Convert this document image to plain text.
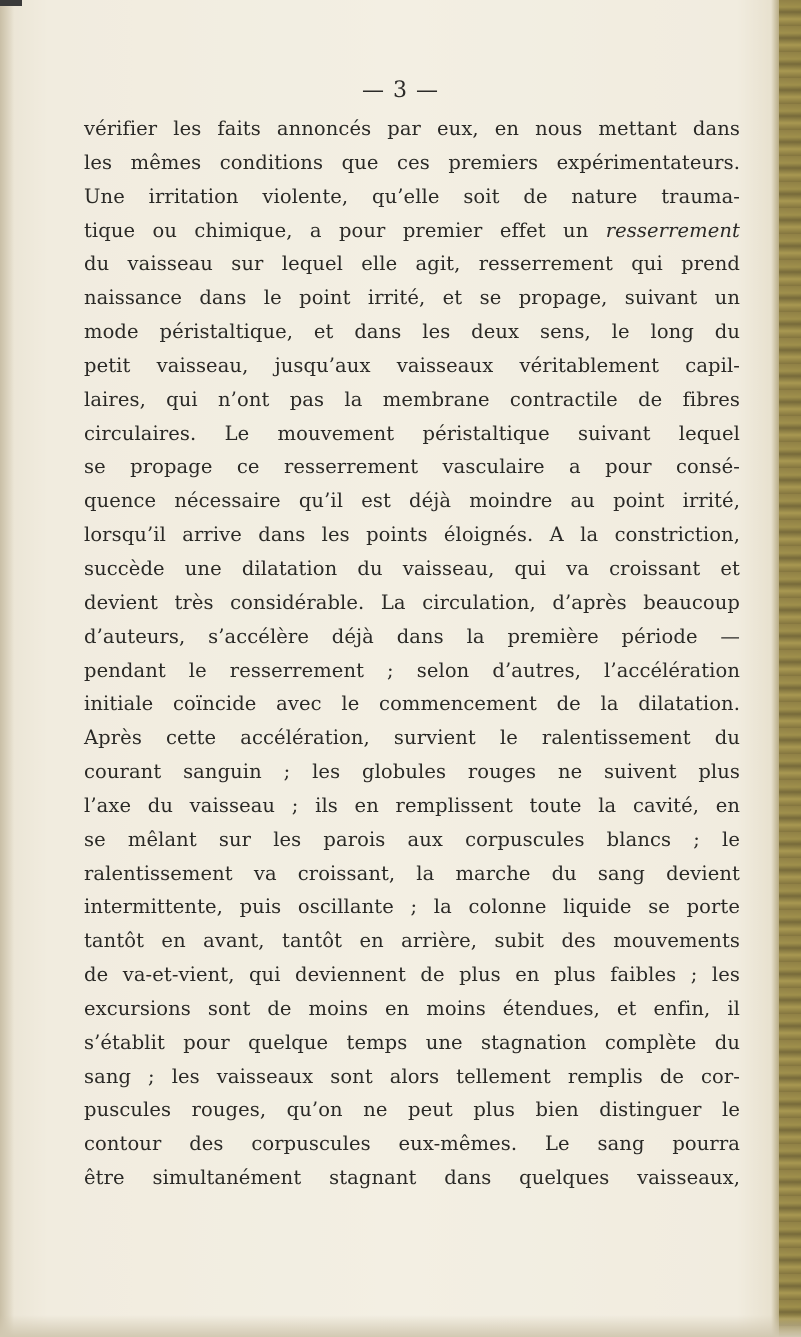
— 3 —
vérifier les faits annoncés par eux, en nous mettant dans
les mêmes conditions que ces premiers expérimentateurs.
Une irritation violente, qu’elle soit de nature trauma-
tique ou chimique, a pour premier effet un resserrement
du vaisseau sur lequel elle agit, resserrement qui prend
naissance dans le point irrité, et se propage, suivant un
mode péristaltique, et dans les deux sens, le long du
petit vaisseau, jusqu’aux vaisseaux véritablement capil-
laires, qui n’ont pas la membrane contractile de fibres
circulaires. Le mouvement péristaltique suivant lequel
se propage ce resserrement vasculaire a pour consé-
quence nécessaire qu’il est déjà moindre au point irrité,
lorsqu’il arrive dans les points éloignés. A la constriction,
succède une dilatation du vaisseau, qui va croissant et
devient très considérable. La circulation, d’après beaucoup
d’auteurs, s’accélère déjà dans la première période —
pendant le resserrement ; selon d’autres, l’accélération
initiale coïncide avec le commencement de la dilatation.
Après cette accélération, survient le ralentissement du
courant sanguin ; les globules rouges ne suivent plus
l’axe du vaisseau ; ils en remplissent toute la cavité, en
se mêlant sur les parois aux corpuscules blancs ; le
ralentissement va croissant, la marche du sang devient
intermittente, puis oscillante ; la colonne liquide se porte
tantôt en avant, tantôt en arrière, subit des mouvements
de va-et-vient, qui deviennent de plus en plus faibles ; les
excursions sont de moins en moins étendues, et enfin, il
s’établit pour quelque temps une stagnation complète du
sang ; les vaisseaux sont alors tellement remplis de cor-
puscules rouges, qu’on ne peut plus bien distinguer le
contour des corpuscules eux-mêmes. Le sang pourra
être simultanément stagnant dans quelques vaisseaux,
